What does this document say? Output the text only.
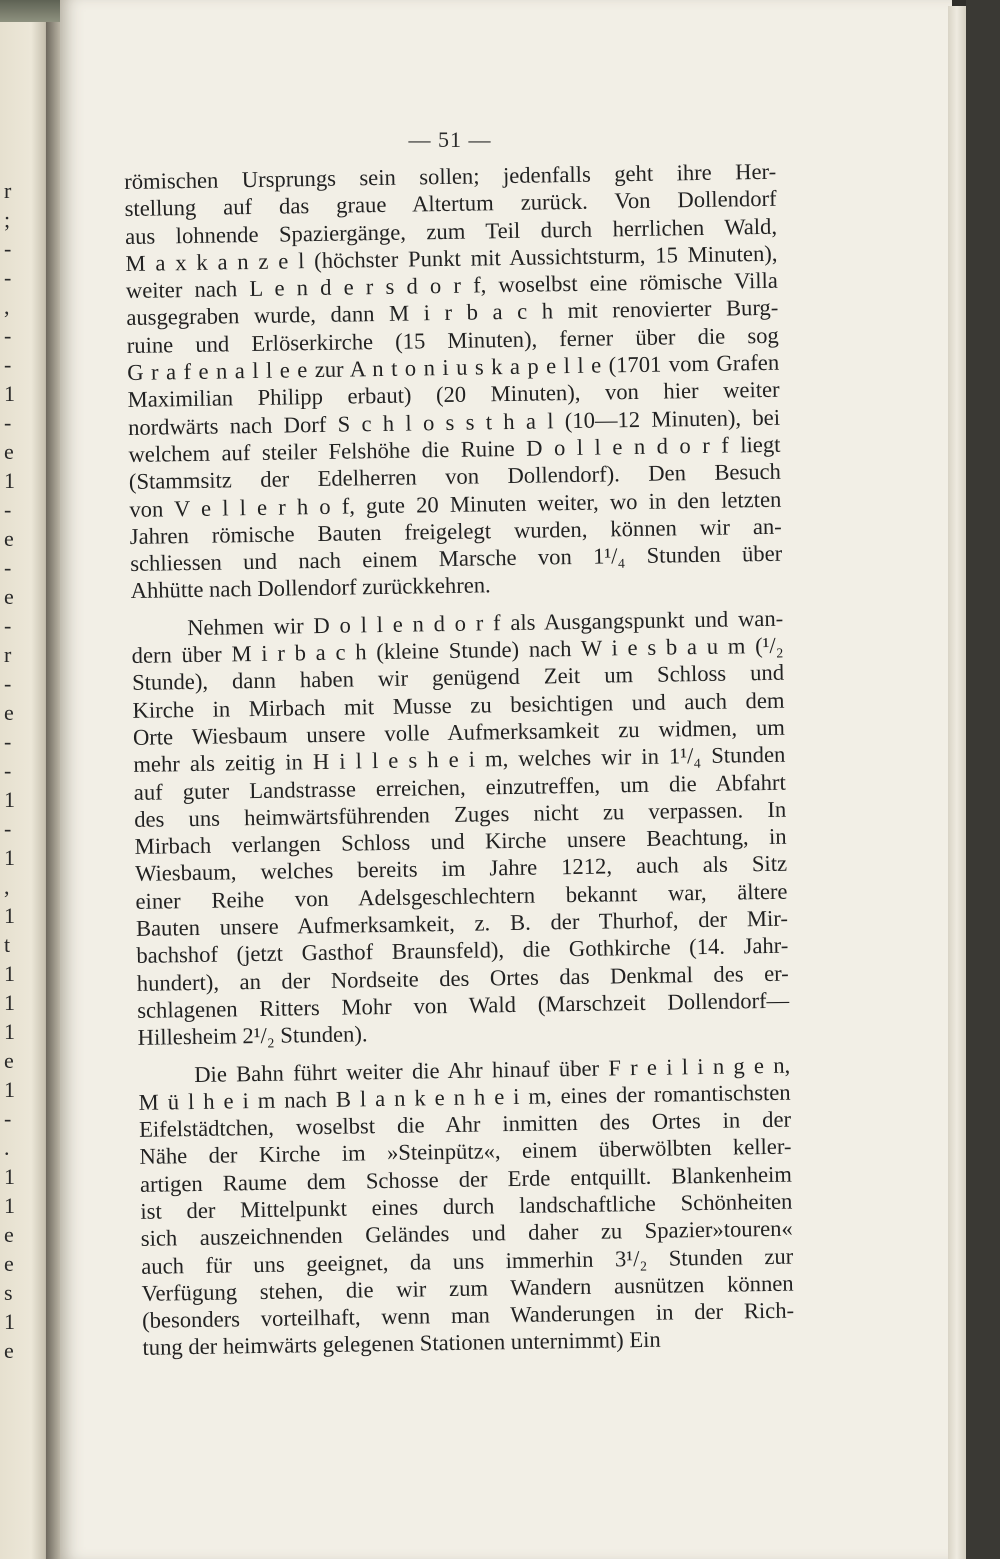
r
;
-
-
,
-
-
1
-
e
1
-
e
-
e
-
r
-
e
-
-
1
-
1
,
1
t
1
1
1
e
1
-
.
1
1
e
e
s
1
e
— 51 —

römischen Ursprungs sein sollen; jedenfalls geht ihre Her-
stellung auf das graue Altertum zurück. Von Dollendorf
aus lohnende Spaziergänge, zum Teil durch herrlichen Wald,
M a x k a n z e l (höchster Punkt mit Aussichtsturm, 15 Minuten),
weiter nach L e n d e r s d o r f, woselbst eine römische Villa
ausgegraben wurde, dann M i r b a c h mit renovierter Burg-
ruine und Erlöserkirche (15 Minuten), ferner über die sog
G r a f e n a l l e e zur A n t o n i u s k a p e l l e (1701 vom Grafen
Maximilian Philipp erbaut) (20 Minuten), von hier weiter
nordwärts nach Dorf S c h l o s s t h a l (10—12 Minuten), bei
welchem auf steiler Felshöhe die Ruine D o l l e n d o r f liegt
(Stammsitz der Edelherren von Dollendorf). Den Besuch
von V e l l e r h o f, gute 20 Minuten weiter, wo in den letzten
Jahren römische Bauten freigelegt wurden, können wir an-
schliessen und nach einem Marsche von 1¹/₄ Stunden über
Ahhütte nach Dollendorf zurückkehren.

Nehmen wir D o l l e n d o r f als Ausgangspunkt und wan-
dern über M i r b a c h (kleine Stunde) nach W i e s b a u m (¹/₂
Stunde), dann haben wir genügend Zeit um Schloss und
Kirche in Mirbach mit Musse zu besichtigen und auch dem
Orte Wiesbaum unsere volle Aufmerksamkeit zu widmen, um
mehr als zeitig in H i l l e s h e i m, welches wir in 1¹/₄ Stunden
auf guter Landstrasse erreichen, einzutreffen, um die Abfahrt
des uns heimwärtsführenden Zuges nicht zu verpassen. In
Mirbach verlangen Schloss und Kirche unsere Beachtung, in
Wiesbaum, welches bereits im Jahre 1212, auch als Sitz
einer Reihe von Adelsgeschlechtern bekannt war, ältere
Bauten unsere Aufmerksamkeit, z. B. der Thurhof, der Mir-
bachshof (jetzt Gasthof Braunsfeld), die Gothkirche (14. Jahr-
hundert), an der Nordseite des Ortes das Denkmal des er-
schlagenen Ritters Mohr von Wald (Marschzeit Dollendorf—
Hillesheim 2¹/₂ Stunden).

Die Bahn führt weiter die Ahr hinauf über F r e i l i n g e n,
M ü l h e i m nach B l a n k e n h e i m, eines der romantischsten
Eifelstädtchen, woselbst die Ahr inmitten des Ortes in der
Nähe der Kirche im »Steinpütz«, einem überwölbten keller-
artigen Raume dem Schosse der Erde entquillt. Blankenheim
ist der Mittelpunkt eines durch landschaftliche Schönheiten
sich auszeichnenden Geländes und daher zu Spazier»touren«
auch für uns geeignet, da uns immerhin 3¹/₂ Stunden zur
Verfügung stehen, die wir zum Wandern ausnützen können
(besonders vorteilhaft, wenn man Wanderungen in der Rich-
tung der heimwärts gelegenen Stationen unternimmt) Ein
